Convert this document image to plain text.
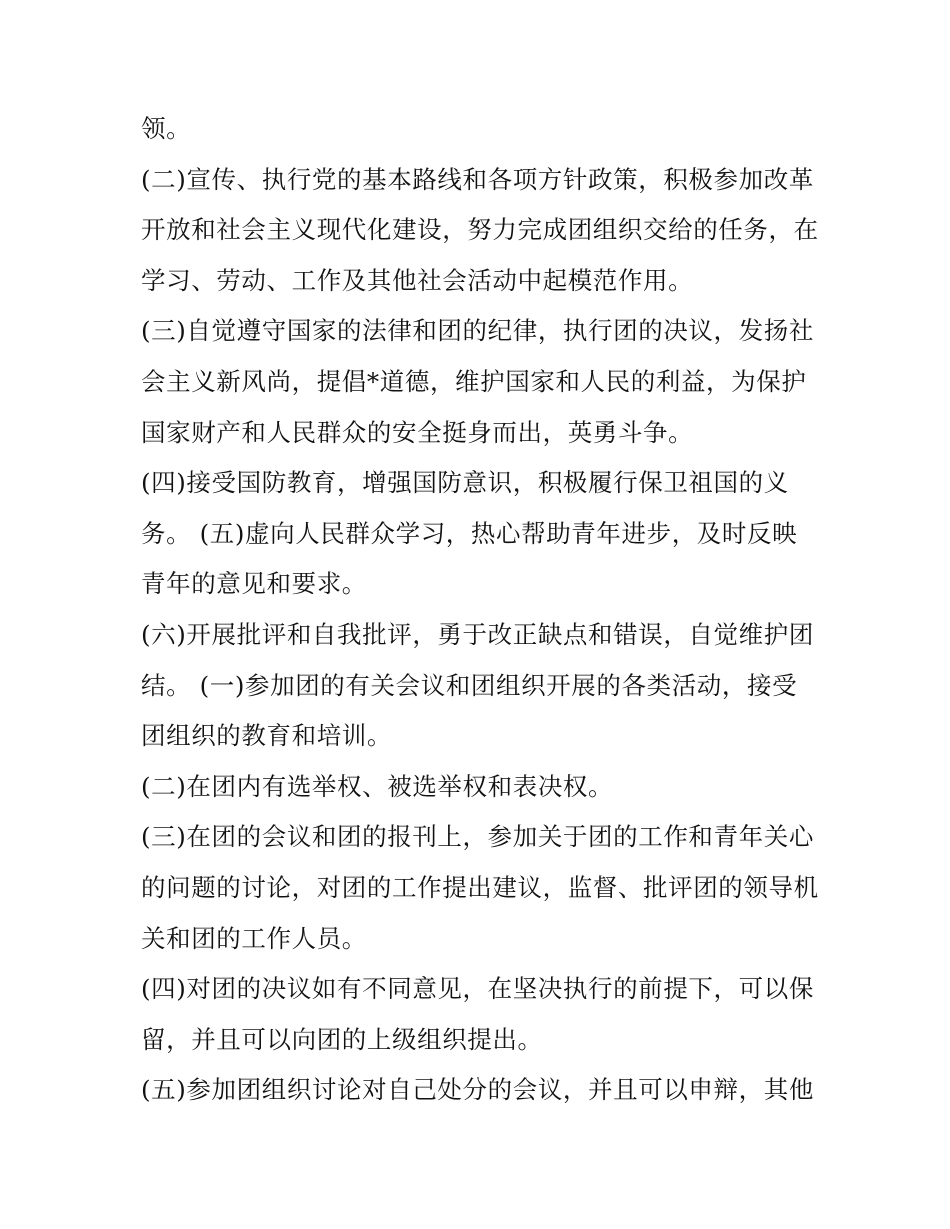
领。
(二)宣传、执行党的基本路线和各项方针政策，积极参加改革
开放和社会主义现代化建设，努力完成团组织交给的任务，在
学习、劳动、工作及其他社会活动中起模范作用。
(三)自觉遵守国家的法律和团的纪律，执行团的决议，发扬社
会主义新风尚，提倡*道德，维护国家和人民的利益，为保护
国家财产和人民群众的安全挺身而出，英勇斗争。
(四)接受国防教育，增强国防意识，积极履行保卫祖国的义
务。 (五)虚向人民群众学习，热心帮助青年进步，及时反映
青年的意见和要求。
(六)开展批评和自我批评，勇于改正缺点和错误，自觉维护团
结。 (一)参加团的有关会议和团组织开展的各类活动，接受
团组织的教育和培训。
(二)在团内有选举权、被选举权和表决权。
(三)在团的会议和团的报刊上，参加关于团的工作和青年关心
的问题的讨论，对团的工作提出建议，监督、批评团的领导机
关和团的工作人员。
(四)对团的决议如有不同意见，在坚决执行的前提下，可以保
留，并且可以向团的上级组织提出。
(五)参加团组织讨论对自己处分的会议，并且可以申辩，其他
